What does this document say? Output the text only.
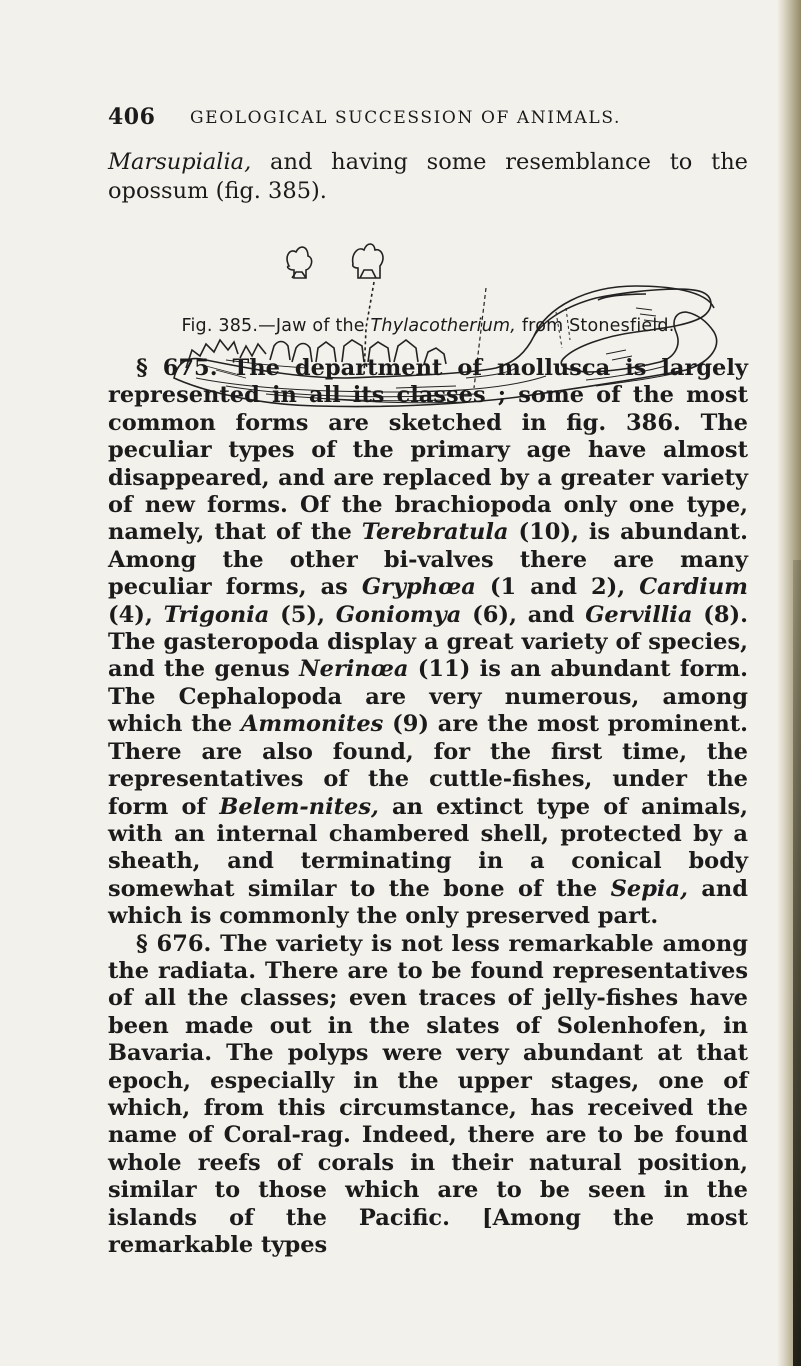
406 GEOLOGICAL SUCCESSION OF ANIMALS.
Marsupialia, and having some resemblance to the opossum (fig. 385).
Fig. 385.—Jaw of the Thylacotherium, from Stonesfield.

§ 675. The department of mollusca is largely represented in all its classes ; some of the most common forms are sketched in fig. 386. The peculiar types of the primary age have almost disappeared, and are replaced by a greater variety of new forms. Of the brachiopoda only one type, namely, that of the Terebratula (10), is abundant. Among the other bi-valves there are many peculiar forms, as Gryphœa (1 and 2), Cardium (4), Trigonia (5), Goniomya (6), and Gervillia (8). The gasteropoda display a great variety of species, and the genus Nerinœa (11) is an abundant form. The Cephalopoda are very numerous, among which the Ammonites (9) are the most prominent. There are also found, for the first time, the representatives of the cuttle-fishes, under the form of Belem-nites, an extinct type of animals, with an internal chambered shell, protected by a sheath, and terminating in a conical body somewhat similar to the bone of the Sepia, and which is commonly the only preserved part.

§ 676. The variety is not less remarkable among the radiata. There are to be found representatives of all the classes; even traces of jelly-fishes have been made out in the slates of Solenhofen, in Bavaria. The polyps were very abundant at that epoch, especially in the upper stages, one of which, from this circumstance, has received the name of Coral-rag. Indeed, there are to be found whole reefs of corals in their natural position, similar to those which are to be seen in the islands of the Pacific. [Among the most remarkable types
